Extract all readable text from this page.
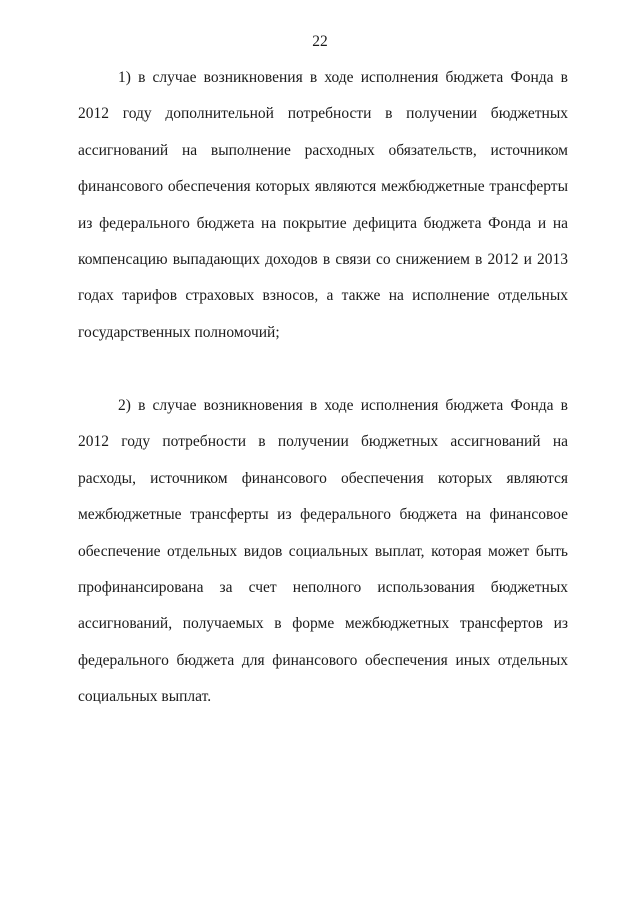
22

1) в случае возникновения в ходе исполнения бюджета Фонда в 2012 году дополнительной потребности в получении бюджетных ассигнований на выполнение расходных обязательств, источником финансового обеспечения которых являются межбюджетные трансферты из федерального бюджета на покрытие дефицита бюджета Фонда и на компенсацию выпадающих доходов в связи со снижением в 2012 и 2013 годах тарифов страховых взносов, а также на исполнение отдельных государственных полномочий;

2) в случае возникновения в ходе исполнения бюджета Фонда в 2012 году потребности в получении бюджетных ассигнований на расходы, источником финансового обеспечения которых являются межбюджетные трансферты из федерального бюджета на финансовое обеспечение отдельных видов социальных выплат, которая может быть профинансирована за счет неполного использования бюджетных ассигнований, получаемых в форме межбюджетных трансфертов из федерального бюджета для финансового обеспечения иных отдельных социальных выплат.
